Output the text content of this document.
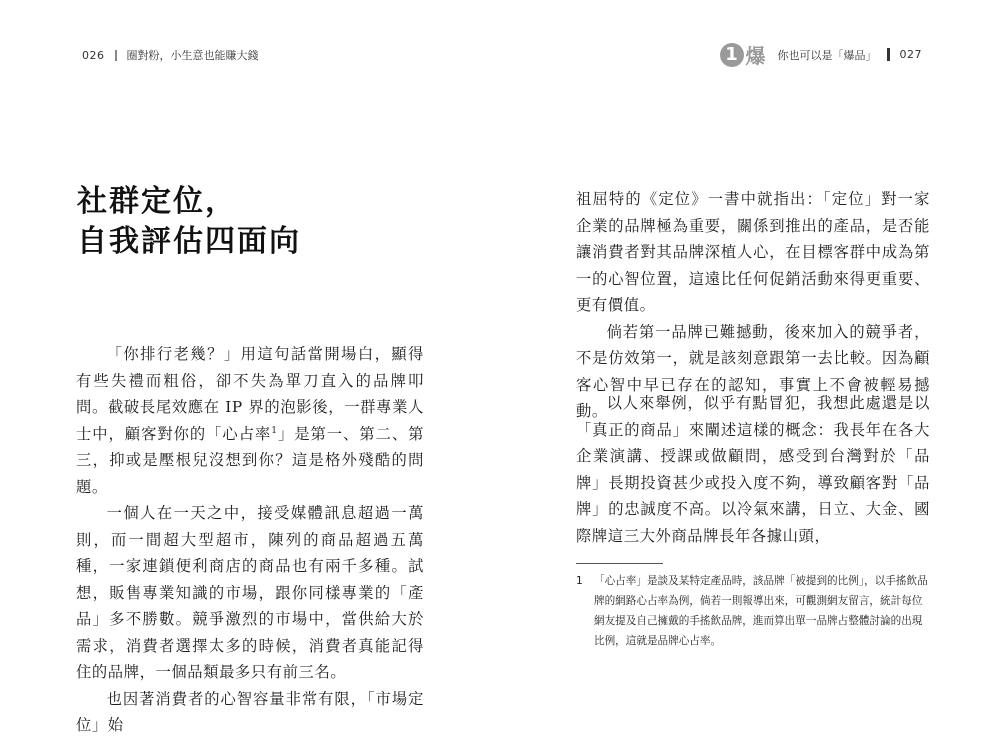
026 圈對粉，小生意也能賺大錢
社群定位，
自我評估四面向

「你排行老幾？」用這句話當開場白，顯得有些失禮而粗俗，卻不失為單刀直入的品牌叩問。截破長尾效應在 IP 界的泡影後，一群專業人士中，顧客對你的「心占率$^1$」是第一、第二、第三，抑或是壓根兒沒想到你？這是格外殘酷的問題。

一個人在一天之中，接受媒體訊息超過一萬則，而一間超大型超市，陳列的商品超過五萬種，一家連鎖便利商店的商品也有兩千多種。試想，販售專業知識的市場，跟你同樣專業的「產品」多不勝數。競爭激烈的市場中，當供給大於需求，消費者選擇太多的時候，消費者真能記得住的品牌，一個品類最多只有前三名。

也因著消費者的心智容量非常有限，「市場定位」始

1 爆 你也可以是「爆品」 027

祖屈特的《定位》一書中就指出：「定位」對一家企業的品牌極為重要，關係到推出的產品，是否能讓消費者對其品牌深植人心，在目標客群中成為第一的心智位置，這遠比任何促銷活動來得更重要、更有價值。

倘若第一品牌已難撼動，後來加入的競爭者，不是仿效第一，就是該刻意跟第一去比較。因為顧客心智中早已存在的認知，事實上不會被輕易撼動。

以人來舉例，似乎有點冒犯，我想此處還是以「真正的商品」來闡述這樣的概念：我長年在各大企業演講、授課或做顧問，感受到台灣對於「品牌」長期投資甚少或投入度不夠，導致顧客對「品牌」的忠誠度不高。以冷氣來講，日立、大金、國際牌這三大外商品牌長年各據山頭，

1	「心占率」是談及某特定產品時，該品牌「被提到的比例」，以手搖飲品牌的網路心占率為例，倘若一則報導出來，可觀測網友留言，統計每位網友提及自己擁戴的手搖飲品牌，進而算出單一品牌占整體討論的出現比例，這就是品牌心占率。
